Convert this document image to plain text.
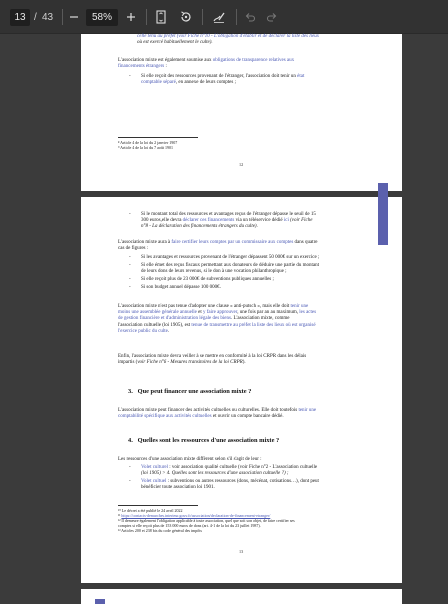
13 / 43	58%
celle tenu au préfet (voir Fiche n°10 - L'obligation d'établir et de déclarer la liste des lieux
où est exercé habituellement le culte).
L'association mixte est également soumise aux obligations de transparence relatives aux
financements étrangers :
- Si elle reçoit des ressources provenant de l'étranger, l'association doit tenir un état
comptable séparé, en annexe de leurs comptes ;
⁸ Article 4 de la loi du 2 janvier 1907
⁹ Article 4 de la loi du 7 août 1901
12
- Si le montant total des ressources et avantages reçus de l'étranger dépasse le seuil de 15
300 euros,elle devra déclarer ces financements via un téléservice dédié ici (voir Fiche
n°8 - La déclaration des financements étrangers du culte).
L'association mixte aura à faire certifier leurs comptes par un commissaire aux comptes dans quatre
cas de figures :
- Si les avantages et ressources provenant de l'étranger dépassent 50 000€ sur un exercice ;
- Si elle émet des reçus fiscaux permettant aux donateurs de déduire une partie du montant
de leurs dons de leurs revenus, si le don à une vocation philanthropique ;
- Si elle reçoit plus de 23 000€ de subventions publiques annuelles ;
- Si son budget annuel dépasse 100 000€.
L'association mixte n'est pas tenue d'adopter une clause « anti-putsch », mais elle doit tenir une
moins une assemblée générale annuelle et y faire approuver, une fois par an au maximum, les actes
de gestion financière et d'administration légale des biens. L'association mixte, comme
l'association cultuelle (loi 1905), est tenue de transmettre au préfet la liste des lieux où est organisé
l'exercice public du culte.
Enfin, l'association mixte devra veiller à se mettre en conformité à la loi CRPR dans les délais
impartis (voir Fiche n°6 - Mesures transitoires de la loi CRPR).
3. Que peut financer une association mixte ?
L'association mixte peut financer des activités cultuelles ou culturelles. Elle doit toutefois tenir une
comptabilité spécifique aux activités cultuelles et ouvrir un compte bancaire dédié.
4. Quelles sont les ressources d'une association mixte ?
Les ressources d'une association mixte diffèrent selon s'il s'agit de leur :
- Volet culturel : voir association qualité cultuelle (voir Fiche n°2 - L'association cultuelle
(loi 1905) > 4. Quelles sont les ressources d'une association cultuelle ?) ;
- Volet cultuel : subventions ou autres ressources (dons, mécénat, cotisations…), dont peut
bénéficier toute association loi 1901.
¹⁰ Le décret a été publié le 24 avril 2022
¹¹ https://contacts-demarches.interieur.gouv.fr/association/declaration-de-financement-etranger/
¹² Il demeure également l'obligation applicable à toute association, quel que soit son objet, de faire certifier ses
comptes si elle reçoit plus de 153 000 euros de dons (art. 4-1 de la loi du 23 juillet 1987).
¹³ Articles 200 et 238 bis du code général des impôts
13
